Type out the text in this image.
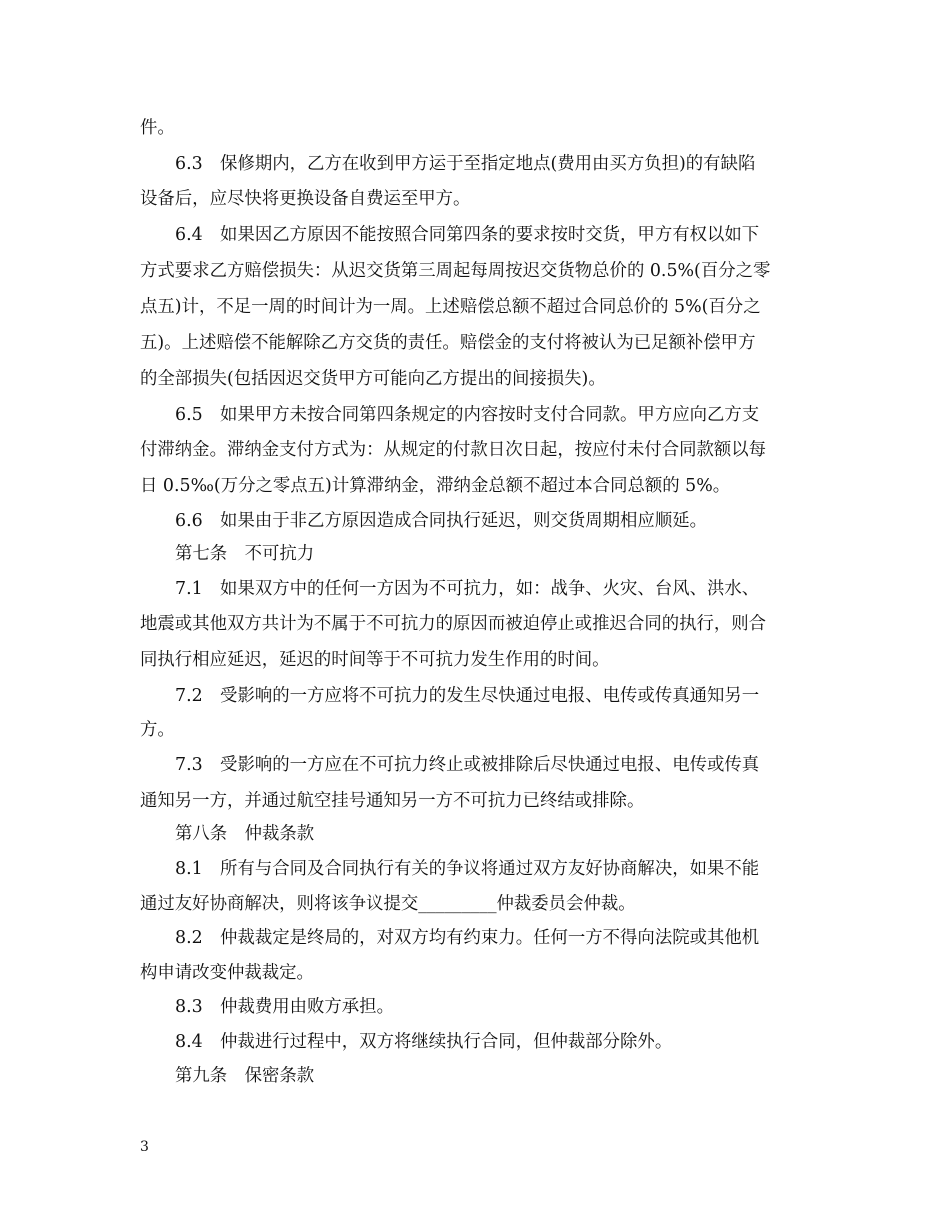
件。
6.3　保修期内，乙方在收到甲方运于至指定地点(费用由买方负担)的有缺陷
设备后，应尽快将更换设备自费运至甲方。
6.4　如果因乙方原因不能按照合同第四条的要求按时交货，甲方有权以如下
方式要求乙方赔偿损失：从迟交货第三周起每周按迟交货物总价的 0.5%(百分之零
点五)计，不足一周的时间计为一周。上述赔偿总额不超过合同总价的 5%(百分之
五)。上述赔偿不能解除乙方交货的责任。赔偿金的支付将被认为已足额补偿甲方
的全部损失(包括因迟交货甲方可能向乙方提出的间接损失)。
6.5　如果甲方未按合同第四条规定的内容按时支付合同款。甲方应向乙方支
付滞纳金。滞纳金支付方式为：从规定的付款日次日起，按应付未付合同款额以每
日 0.5‰(万分之零点五)计算滞纳金，滞纳金总额不超过本合同总额的 5%。
6.6　如果由于非乙方原因造成合同执行延迟，则交货周期相应顺延。
第七条　不可抗力
7.1　如果双方中的任何一方因为不可抗力，如：战争、火灾、台风、洪水、
地震或其他双方共计为不属于不可抗力的原因而被迫停止或推迟合同的执行，则合
同执行相应延迟，延迟的时间等于不可抗力发生作用的时间。
7.2　受影响的一方应将不可抗力的发生尽快通过电报、电传或传真通知另一
方。
7.3　受影响的一方应在不可抗力终止或被排除后尽快通过电报、电传或传真
通知另一方，并通过航空挂号通知另一方不可抗力已终结或排除。
第八条　仲裁条款
8.1　所有与合同及合同执行有关的争议将通过双方友好协商解决，如果不能
通过友好协商解决，则将该争议提交_________仲裁委员会仲裁。
8.2　仲裁裁定是终局的，对双方均有约束力。任何一方不得向法院或其他机
构申请改变仲裁裁定。
8.3　仲裁费用由败方承担。
8.4　仲裁进行过程中，双方将继续执行合同，但仲裁部分除外。
第九条　保密条款
3
